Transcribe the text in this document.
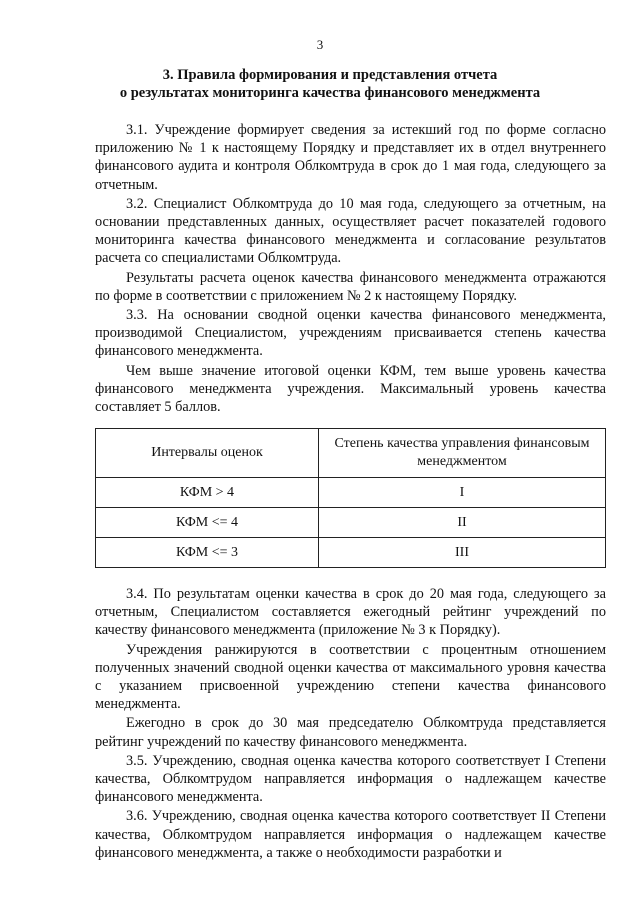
3
3. Правила формирования и представления отчета
о результатах мониторинга качества финансового менеджмента

3.1. Учреждение формирует сведения за истекший год по форме согласно приложению № 1 к настоящему Порядку и представляет их в отдел внутреннего финансового аудита и контроля Облкомтруда в срок до 1 мая года, следующего за отчетным.

3.2. Специалист Облкомтруда до 10 мая года, следующего за отчетным, на основании представленных данных, осуществляет расчет показателей годового мониторинга качества финансового менеджмента и согласование результатов расчета со специалистами Облкомтруда.

Результаты расчета оценок качества финансового менеджмента отражаются по форме в соответствии с приложением № 2 к настоящему Порядку.

3.3. На основании сводной оценки качества финансового менеджмента, производимой Специалистом, учреждениям присваивается степень качества финансового менеджмента.

Чем выше значение итоговой оценки КФМ, тем выше уровень качества финансового менеджмента учреждения. Максимальный уровень качества составляет 5 баллов.

Интервалы оценок	Степень качества управления финансовым менеджментом
КФМ > 4	I
КФМ <= 4	II
КФМ <= 3	III

3.4. По результатам оценки качества в срок до 20 мая года, следующего за отчетным, Специалистом составляется ежегодный рейтинг учреждений по качеству финансового менеджмента (приложение № 3 к Порядку).

Учреждения ранжируются в соответствии с процентным отношением полученных значений сводной оценки качества от максимального уровня качества с указанием присвоенной учреждению степени качества финансового менеджмента.

Ежегодно в срок до 30 мая председателю Облкомтруда представляется рейтинг учреждений по качеству финансового менеджмента.

3.5. Учреждению, сводная оценка качества которого соответствует I Степени качества, Облкомтрудом направляется информация о надлежащем качестве финансового менеджмента.

3.6. Учреждению, сводная оценка качества которого соответствует II Степени качества, Облкомтрудом направляется информация о надлежащем качестве финансового менеджмента, а также о необходимости разработки и
